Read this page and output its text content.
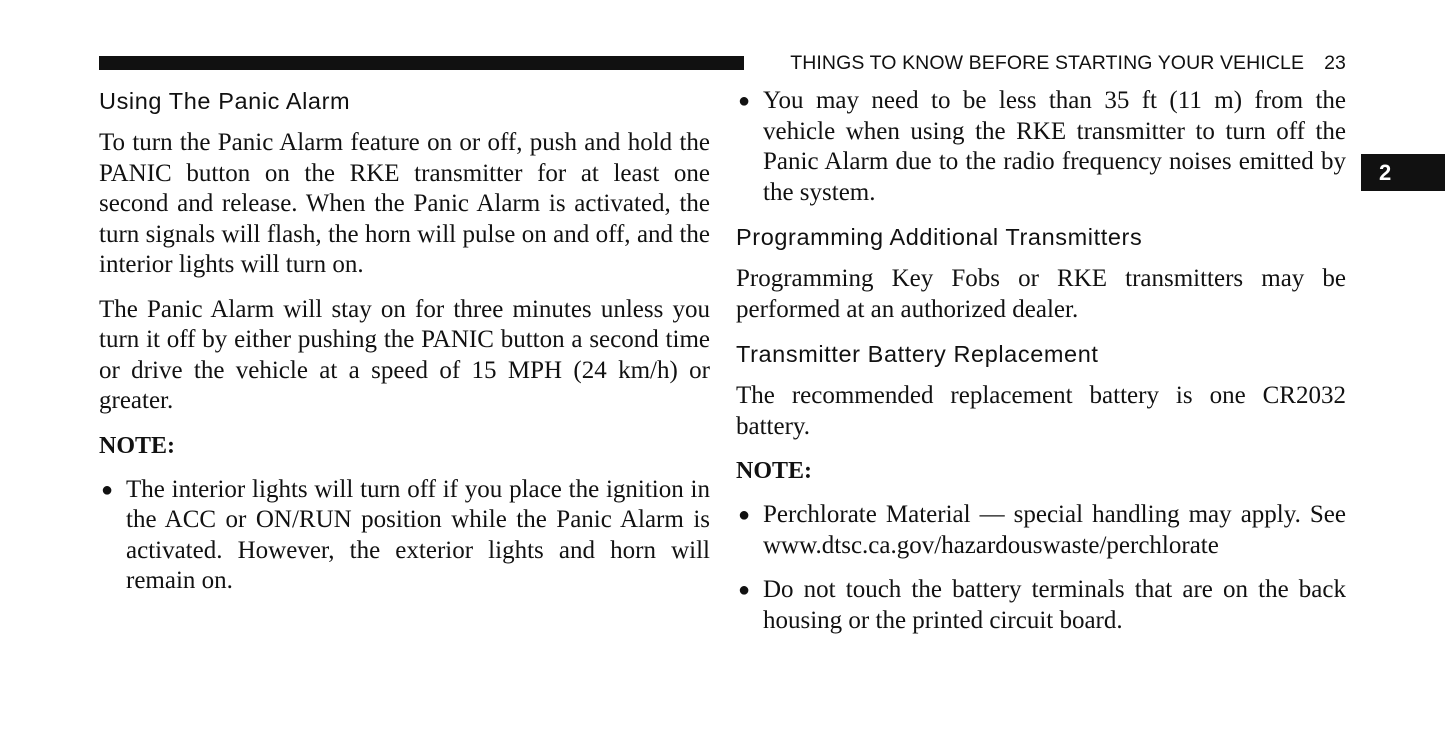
THINGS TO KNOW BEFORE STARTING YOUR VEHICLE 23
2
Using The Panic Alarm

To turn the Panic Alarm feature on or off, push and hold the PANIC button on the RKE transmitter for at least one second and release. When the Panic Alarm is activated, the turn signals will flash, the horn will pulse on and off, and the interior lights will turn on.

The Panic Alarm will stay on for three minutes unless you turn it off by either pushing the PANIC button a second time or drive the vehicle at a speed of 15 MPH (24 km/h) or greater.

NOTE:
● The interior lights will turn off if you place the ignition in the ACC or ON/RUN position while the Panic Alarm is activated. However, the exterior lights and horn will remain on.
● You may need to be less than 35 ft (11 m) from the vehicle when using the RKE transmitter to turn off the Panic Alarm due to the radio frequency noises emitted by the system.
Programming Additional Transmitters

Programming Key Fobs or RKE transmitters may be performed at an authorized dealer.

Transmitter Battery Replacement

The recommended replacement battery is one CR2032 battery.

NOTE:
● Perchlorate Material — special handling may apply. See www.dtsc.ca.gov/hazardouswaste/perchlorate
● Do not touch the battery terminals that are on the back housing or the printed circuit board.
